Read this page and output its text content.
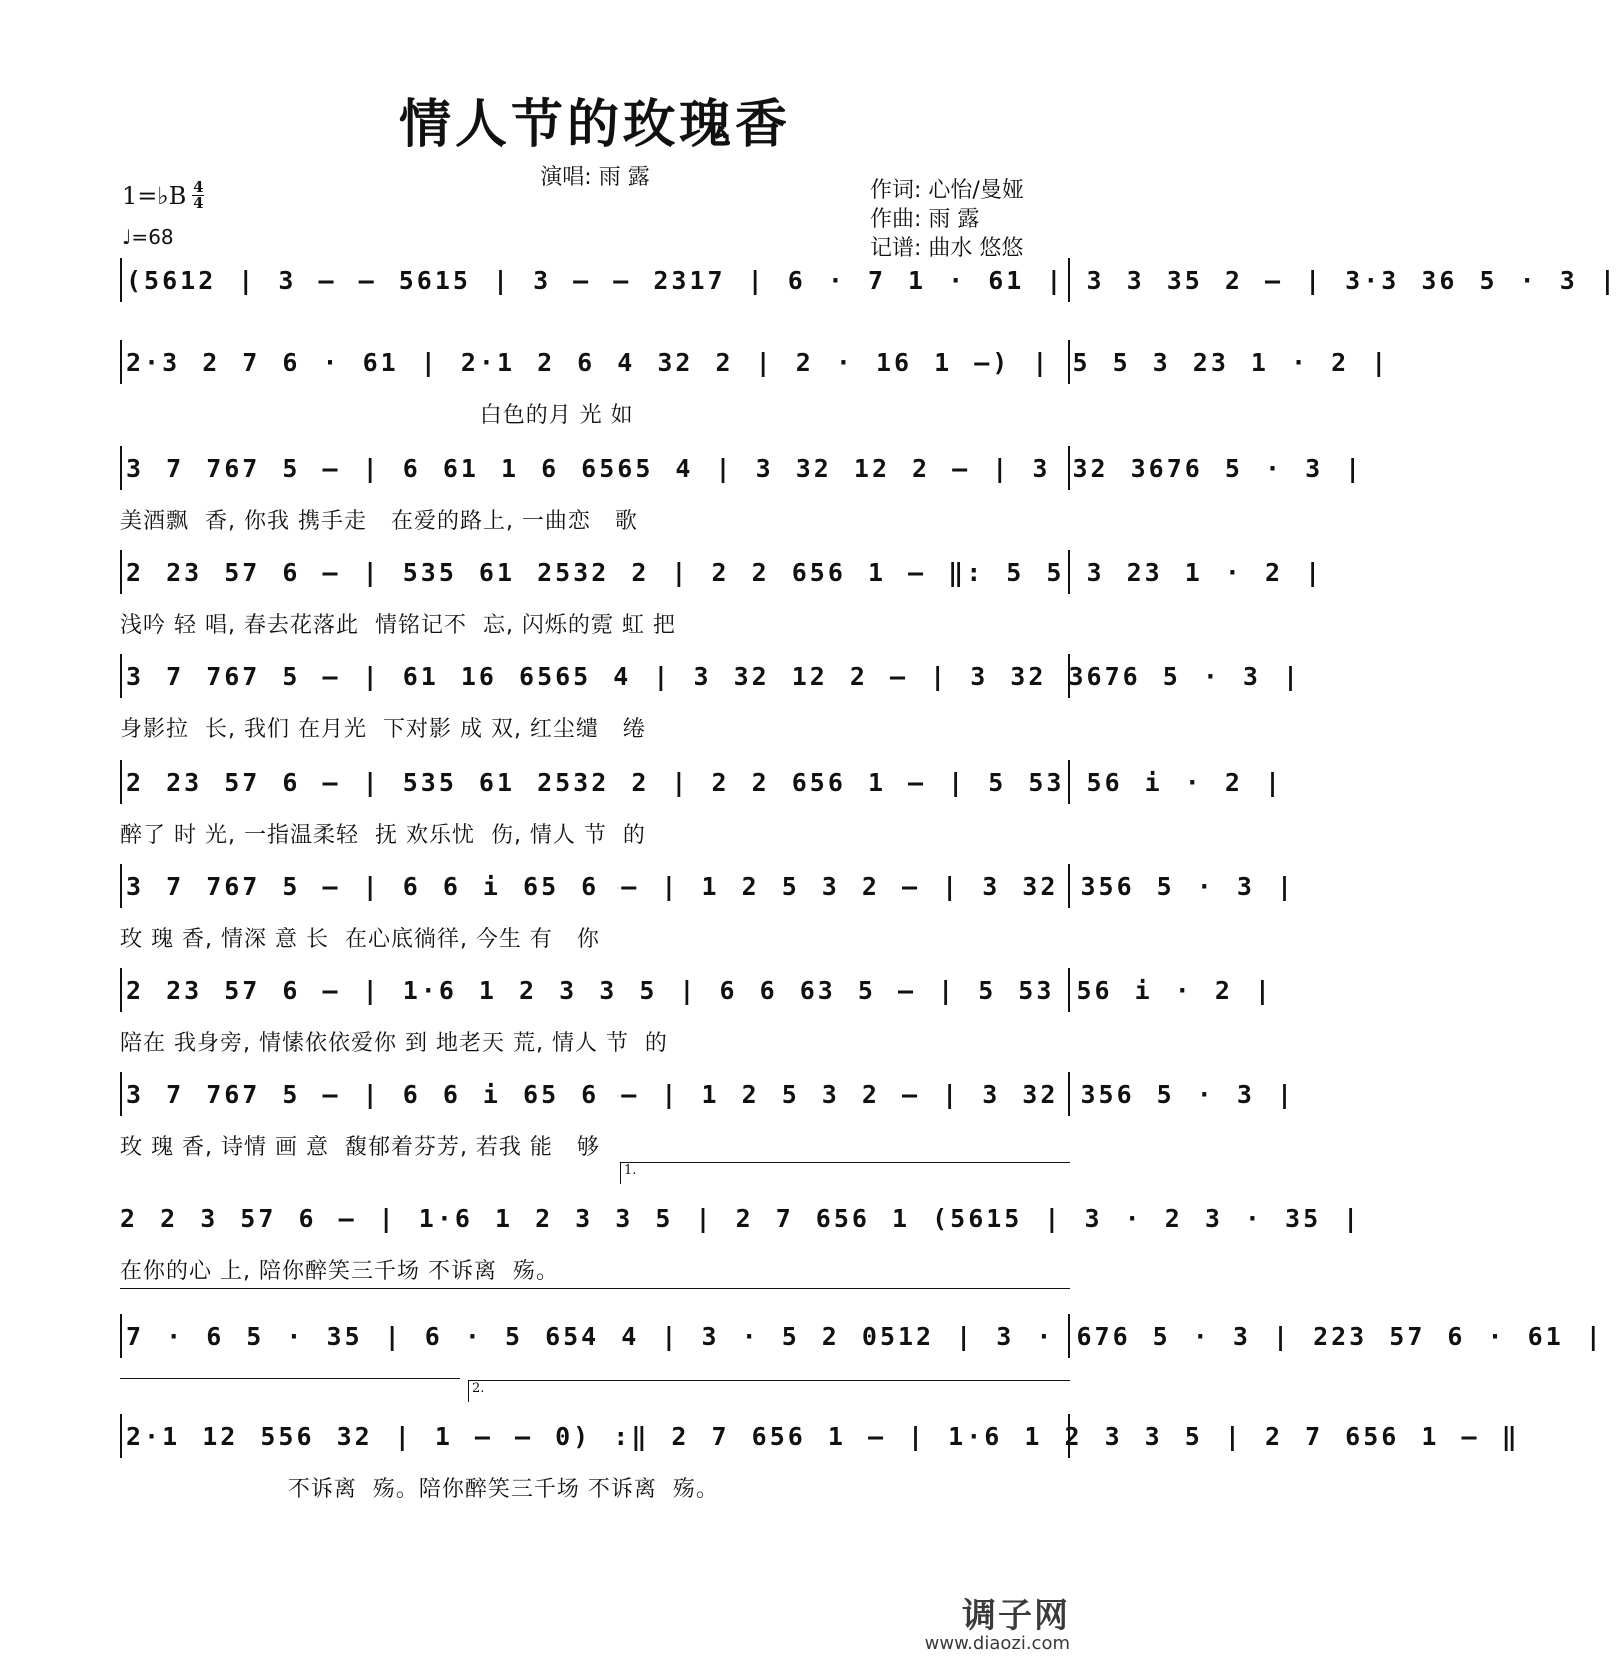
情人节的玫瑰香
演唱: 雨 露
1=♭B $\frac{4}{4}$
♩=68
作词: 心怡/曼娅
作曲: 雨 露
记谱: 曲水 悠悠
(5612 | 3 – – 5615 | 3 – – 2317 | 6 · 7 1 · 61 | 3 3 35 2 – | 3·3 36 5 · 3 |
2·3 2 7 6 · 61 | 2·1 2 6 4 32 2 | 2 · 16 1 –) | 5 5 3 23 1 · 2 |
白色的月 光 如
3 7 767 5 – | 6 61 1 6 6565 4 | 3 32 12 2 – | 3 32 3676 5 · 3 |
美酒飘  香, 你我 携手走   在爱的路上, 一曲恋   歌
2 23 57 6 – | 535 61 2532 2 | 2 2 656 1 – ‖: 5 5 3 23 1 · 2 |
浅吟 轻 唱, 春去花落此  情铭记不  忘, 闪烁的霓 虹 把
3 7 767 5 – | 61 16 6565 4 | 3 32 12 2 – | 3 32 3676 5 · 3 |
身影拉  长, 我们 在月光  下对影 成 双, 红尘缱   绻
2 23 57 6 – | 535 61 2532 2 | 2 2 656 1 – | 5 53 56 i · 2 |
醉了 时 光, 一指温柔轻  抚 欢乐忧  伤, 情人 节  的
3 7 767 5 – | 6 6 i 65 6 – | 1 2 5 3 2 – | 3 32 356 5 · 3 |
玫 瑰 香, 情深 意 长  在心底徜徉, 今生 有   你
2 23 57 6 – | 1·6 1 2 3 3 5 | 6 6 63 5 – | 5 53 56 i · 2 |
陪在 我身旁, 情愫依依爱你 到 地老天 荒, 情人 节  的
3 7 767 5 – | 6 6 i 65 6 – | 1 2 5 3 2 – | 3 32 356 5 · 3 |
玫 瑰 香, 诗情 画 意  馥郁着芬芳, 若我 能   够
1.
2 2 3 57 6 – | 1·6 1 2 3 3 5 | 2 7 656 1 (5615 | 3 · 2 3 · 35 |
在你的心 上, 陪你醉笑三千场 不诉离  殇。
7 · 6 5 · 35 | 6 · 5 654 4 | 3 · 5 2 0512 | 3 · 676 5 · 3 | 223 57 6 · 61 |
2.
2·1 12 556 32 | 1 – – 0) :‖ 2 7 656 1 – | 1·6 1 2 3 3 5 | 2 7 656 1 – ‖
不诉离  殇。陪你醉笑三千场 不诉离  殇。
调子网
www.diaozi.com
